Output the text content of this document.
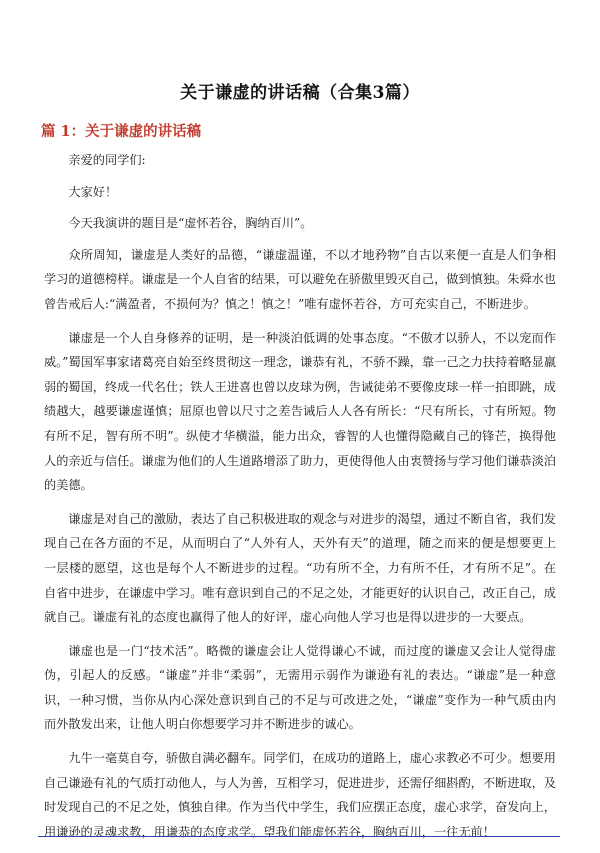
关于谦虚的讲话稿（合集3篇）
篇 1：关于谦虚的讲话稿

亲爱的同学们:

大家好！

今天我演讲的题目是“虚怀若谷，胸纳百川”。

众所周知，谦虚是人类好的品德，“谦虚温谨，不以才地矜物”自古以来便一直是人们争相学习的道德榜样。谦虚是一个人自省的结果，可以避免在骄傲里毁灭自己，做到慎独。朱舜水也曾告戒后人:“满盈者，不损何为？慎之！慎之！”唯有虚怀若谷，方可充实自己，不断进步。

谦虚是一个人自身修养的证明，是一种淡泊低调的处事态度。“不傲才以骄人，不以宠而作威。”蜀国军事家诸葛亮自始至终贯彻这一理念，谦恭有礼，不骄不躁，靠一己之力扶持着略显羸弱的蜀国，终成一代名仕；铁人王进喜也曾以皮球为例，告诫徒弟不要像皮球一样一拍即跳，成绩越大，越要谦虚谨慎；屈原也曾以尺寸之差告诫后人人各有所长：“尺有所长，寸有所短。物有所不足，智有所不明”。纵使才华横溢，能力出众，睿智的人也懂得隐藏自己的锋芒，换得他人的亲近与信任。谦虚为他们的人生道路增添了助力，更使得他人由衷赞扬与学习他们谦恭淡泊的美德。

谦虚是对自己的激励，表达了自己积极进取的观念与对进步的渴望，通过不断自省，我们发现自己在各方面的不足，从而明白了“人外有人，天外有天”的道理，随之而来的便是想要更上一层楼的愿望，这也是每个人不断进步的过程。“功有所不全，力有所不任，才有所不足”。在自省中进步，在谦虚中学习。唯有意识到自己的不足之处，才能更好的认识自己，改正自己，成就自己。谦虚有礼的态度也赢得了他人的好评，虚心向他人学习也是得以进步的一大要点。

谦虚也是一门“技术活”。略微的谦虚会让人觉得谦心不诚，而过度的谦虚又会让人觉得虚伪，引起人的反感。“谦虚”并非“柔弱”，无需用示弱作为谦逊有礼的表达。“谦虚”是一种意识，一种习惯，当你从内心深处意识到自己的不足与可改进之处，“谦虚”变作为一种气质由内而外散发出来，让他人明白你想要学习并不断进步的诚心。

九牛一毫莫自夸，骄傲自满必翻车。同学们，在成功的道路上，虚心求教必不可少。想要用自己谦逊有礼的气质打动他人，与人为善，互相学习，促进进步，还需仔细斟酌，不断进取，及时发现自己的不足之处，慎独自律。作为当代中学生，我们应摆正态度，虚心求学，奋发向上，用谦逊的灵魂求教，用谦恭的态度求学。望我们能虚怀若谷，胸纳百川，一往无前！
